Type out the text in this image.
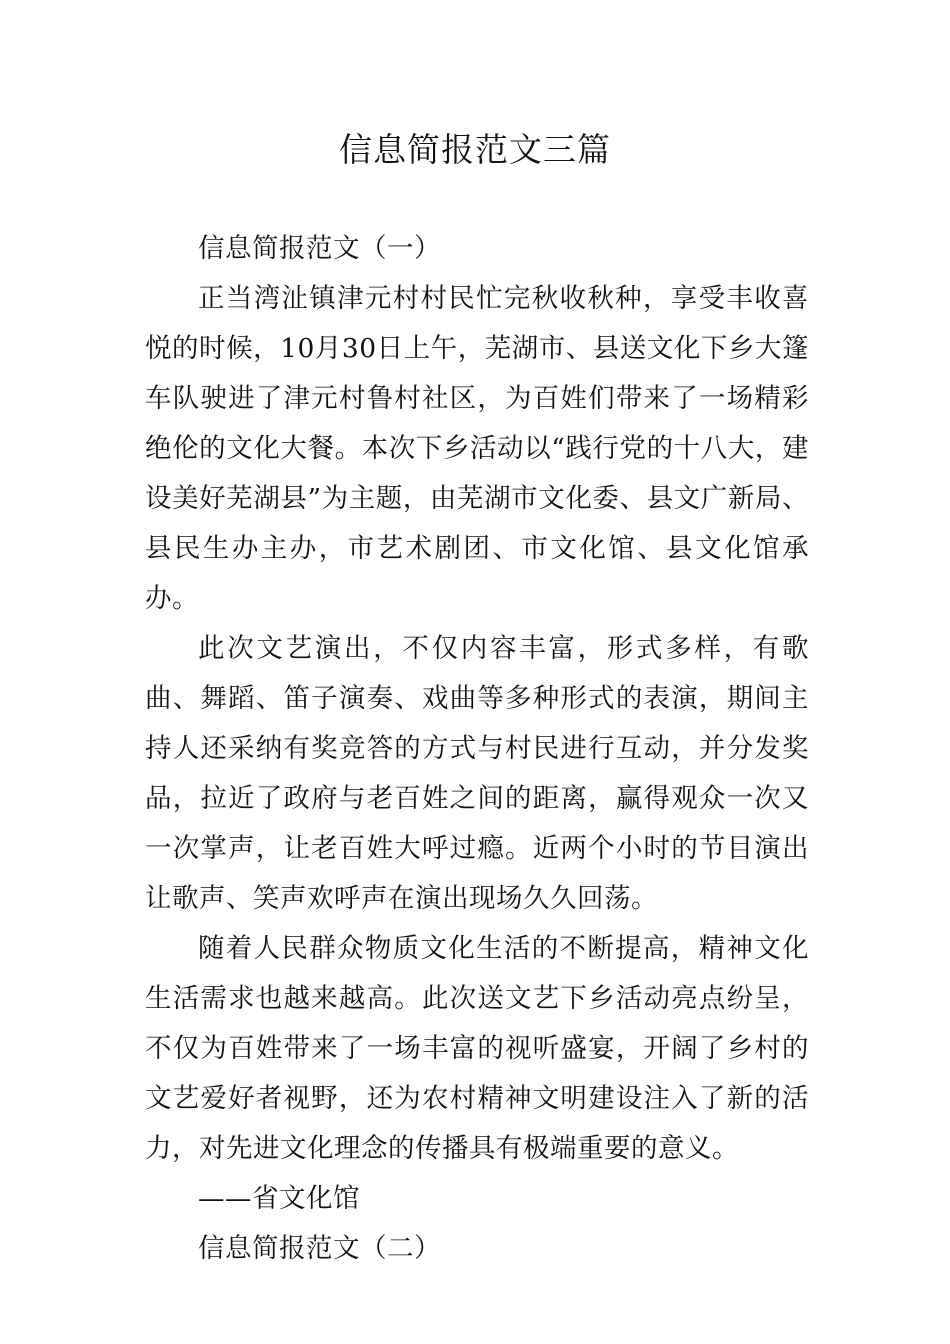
信息简报范文三篇

信息简报范文（一）

正当湾沚镇津元村村民忙完秋收秋种，享受丰收喜悦的时候，10月30日上午，芜湖市、县送文化下乡大篷车队驶进了津元村鲁村社区，为百姓们带来了一场精彩绝伦的文化大餐。本次下乡活动以“践行党的十八大，建设美好芜湖县”为主题，由芜湖市文化委、县文广新局、县民生办主办，市艺术剧团、市文化馆、县文化馆承办。

此次文艺演出，不仅内容丰富，形式多样，有歌曲、舞蹈、笛子演奏、戏曲等多种形式的表演，期间主持人还采纳有奖竞答的方式与村民进行互动，并分发奖品，拉近了政府与老百姓之间的距离，赢得观众一次又一次掌声，让老百姓大呼过瘾。近两个小时的节目演出让歌声、笑声欢呼声在演出现场久久回荡。

随着人民群众物质文化生活的不断提高，精神文化生活需求也越来越高。此次送文艺下乡活动亮点纷呈，不仅为百姓带来了一场丰富的视听盛宴，开阔了乡村的文艺爱好者视野，还为农村精神文明建设注入了新的活力，对先进文化理念的传播具有极端重要的意义。

——省文化馆

信息简报范文（二）
